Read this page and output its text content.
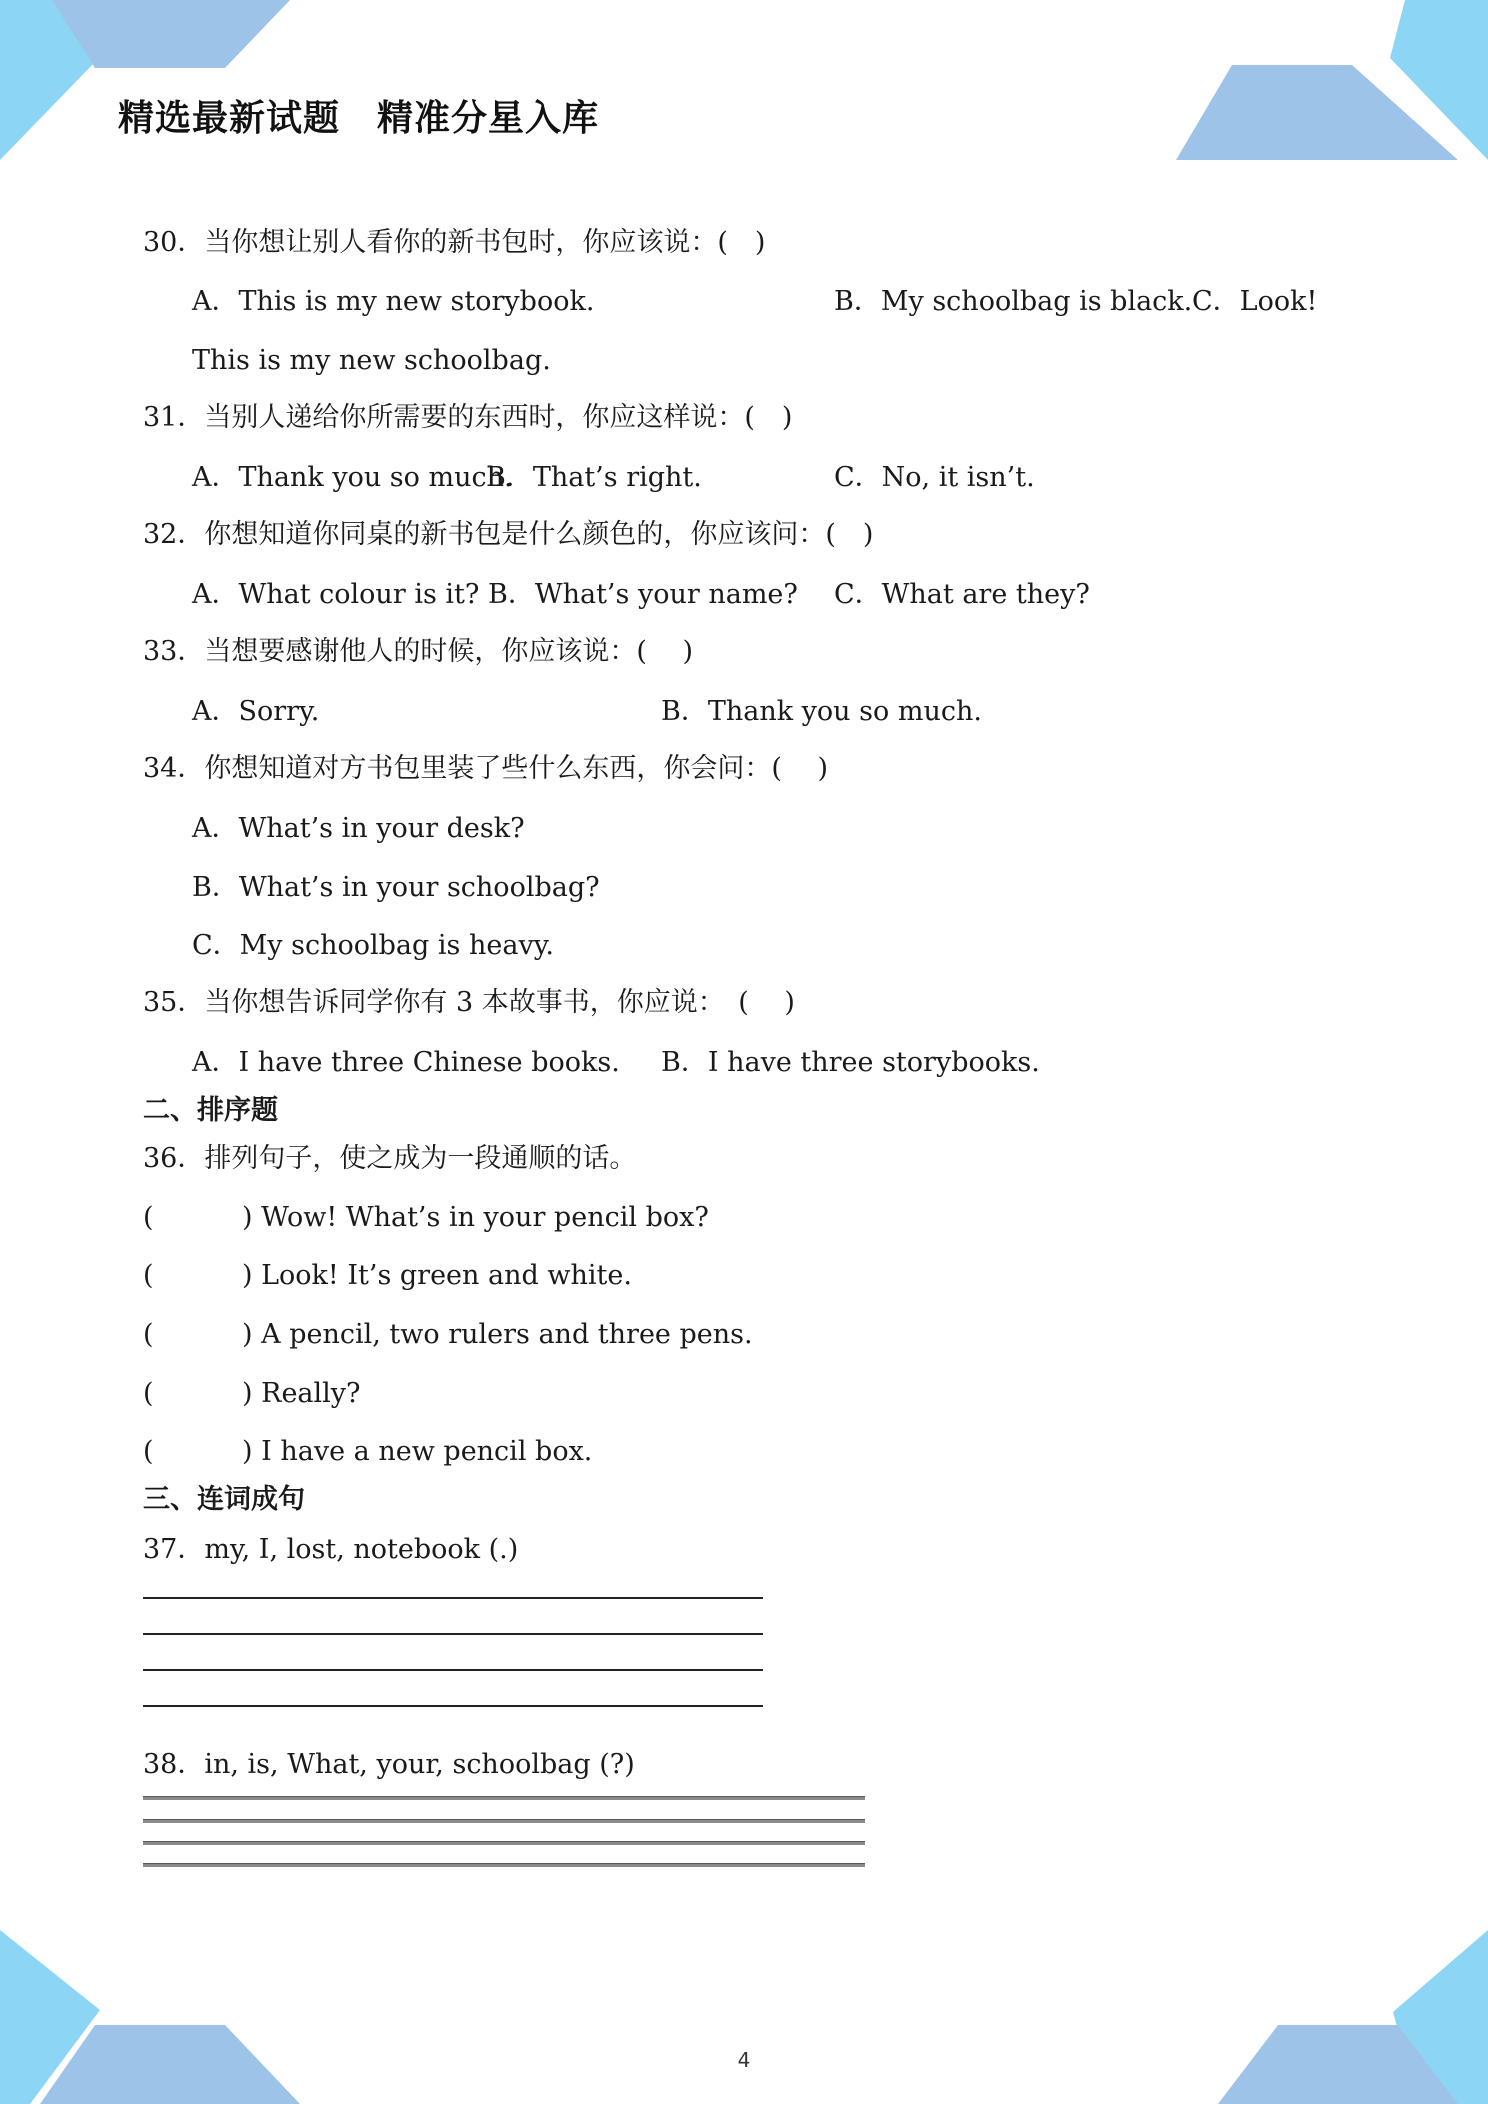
精选最新试题　精准分星入库
30．当你想让别人看你的新书包时，你应该说：(　)
A．This is my new storybook.	B．My schoolbag is black. C．Look!
This is my new schoolbag.
31．当别人递给你所需要的东西时，你应这样说：(　)
A．Thank you so much.
B．That’s right.	C．No, it isn’t.
32．你想知道你同桌的新书包是什么颜色的，你应该问：(　)
A．What colour is it? B．What’s your name? C．What are they?
33．当想要感谢他人的时候，你应该说：(　 )
A．Sorry.	B．Thank you so much.
34．你想知道对方书包里装了些什么东西，你会问：(　 )
A．What’s in your desk?
B．What’s in your schoolbag?
C．My schoolbag is heavy.
35．当你想告诉同学你有 3 本故事书，你应说：　(　 )
A．I have three Chinese books. B．I have three storybooks.
二、排序题
36．排列句子，使之成为一段通顺的话。
(	) Wow! What’s in your pencil box?
(	) Look! It’s green and white.
(	) A pencil, two rulers and three pens.
(	) Really?
(	) I have a new pencil box.
三、连词成句
37．my, I, lost, notebook (.)
38．in, is, What, your, schoolbag (?)
4
